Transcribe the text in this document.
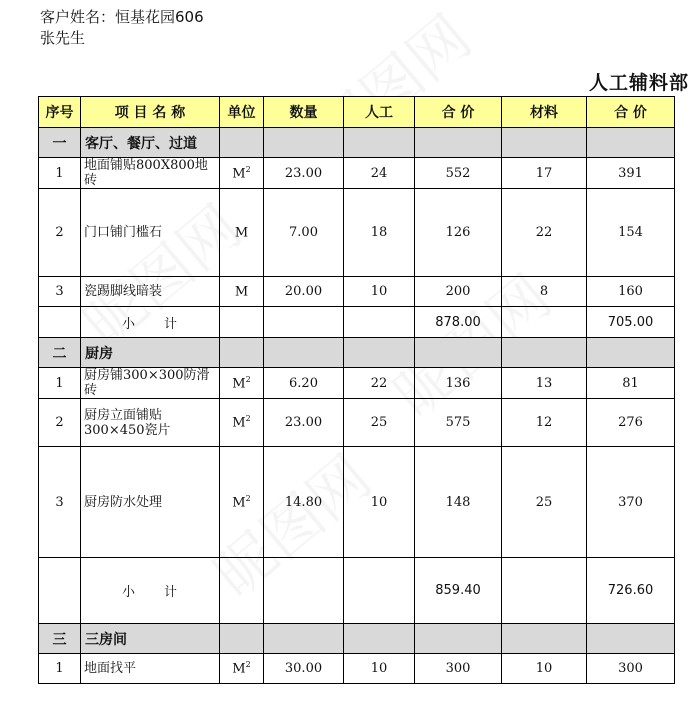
客户姓名：恒基花园606
张先生
人工辅料部
序号	项 目 名 称	单位	数量	人工	合 价	材料	合 价
一	客厅、餐厅、过道						
1	地面铺贴800X800地砖	$M^2$	23.00	24	552	17	391
2	门口铺门槛石	M	7.00	18	126	22	154
3	瓷踢脚线暗装	M	20.00	10	200	8	160
	小　　计				878.00		705.00
二	厨房						
1	厨房铺300×300防滑砖	$M^2$	6.20	22	136	13	81
2	厨房立面铺贴300×450瓷片	$M^2$	23.00	25	575	12	276
3	厨房防水处理	$M^2$	14.80	10	148	25	370
	小　　计				859.40		726.60
三	三房间						
1	地面找平	$M^2$	30.00	10	300	10	300
